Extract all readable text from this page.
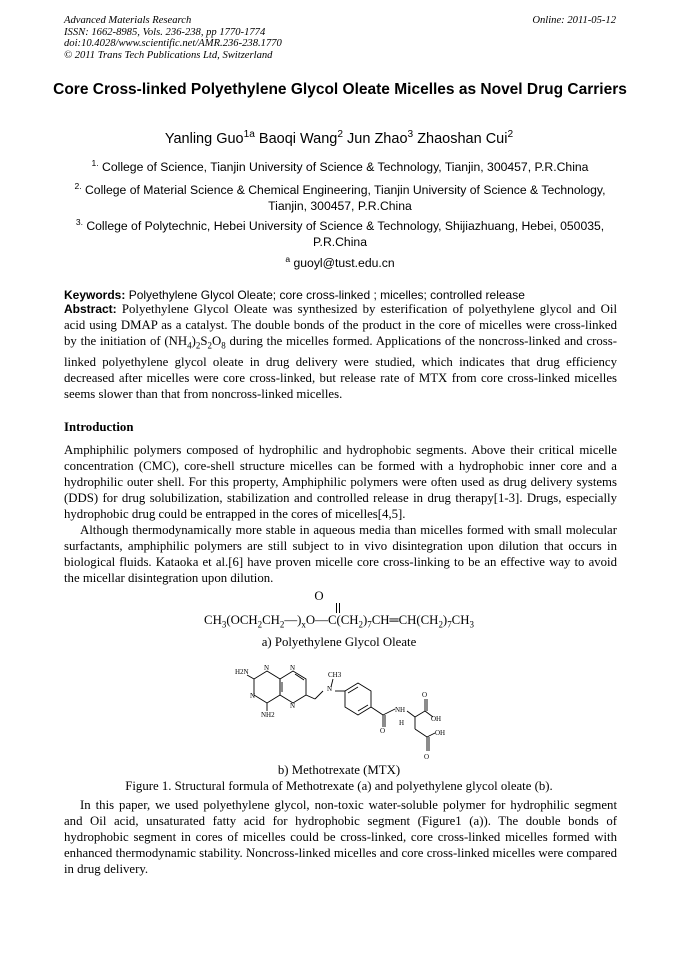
Advanced Materials Research
ISSN: 1662-8985, Vols. 236-238, pp 1770-1774
doi:10.4028/www.scientific.net/AMR.236-238.1770
© 2011 Trans Tech Publications Ltd, Switzerland
Online: 2011-05-12
Core Cross-linked Polyethylene Glycol Oleate Micelles as Novel Drug Carriers
Yanling Guo$^{1a}$ Baoqi Wang$^2$ Jun Zhao$^3$ Zhaoshan Cui$^2$
$^{1.}$ College of Science, Tianjin University of Science & Technology, Tianjin, 300457, P.R.China
$^{2.}$ College of Material Science & Chemical Engineering, Tianjin University of Science & Technology, Tianjin, 300457, P.R.China
$^{3.}$ College of Polytechnic, Hebei University of Science & Technology, Shijiazhuang, Hebei, 050035, P.R.China
$^a$ guoyl@tust.edu.cn
Keywords: Polyethylene Glycol Oleate; core cross-linked ; micelles; controlled release
Abstract: Polyethylene Glycol Oleate was synthesized by esterification of polyethylene glycol and Oil acid using DMAP as a catalyst. The double bonds of the product in the core of micelles were cross-linked by the initiation of $(NH_4)_2S_2O_8$ during the micelles formed. Applications of the noncross-linked and cross-linked polyethylene glycol oleate in drug delivery were studied, which indicates that drug efficiency decreased after micelles were core cross-linked, but release rate of MTX from core cross-linked micelles seems slower than that from noncross-linked micelles.
Introduction
Amphiphilic polymers composed of hydrophilic and hydrophobic segments. Above their critical micelle concentration (CMC), core-shell structure micelles can be formed with a hydrophobic inner core and a hydrophilic outer shell. For this property, Amphiphilic polymers were often used as drug delivery systems (DDS) for drug solubilization, stabilization and controlled release in drug therapy[1-3]. Drugs, especially hydrophobic drug could be entrapped in the cores of micelles[4,5].
Although thermodynamically more stable in aqueous media than micelles formed with small molecular surfactants, amphiphilic polymers are still subject to in vivo disintegration upon dilution that occurs in biological fluids. Kataoka et al.[6] have proven micelle core cross-linking to be an effective way to avoid the micellar disintegration upon dilution.
O
$CH_3(OCH_2CH_2—)_xO—C(CH_2)_7CH═CH(CH_2)_7CH_3$
a) Polyethylene Glycol Oleate
H2N N
N
N
N
NH2
N
CH3
NH
H
O
O
OH
OH
O
b) Methotrexate (MTX)
Figure 1. Structural formula of Methotrexate (a) and polyethylene glycol oleate (b).
In this paper, we used polyethylene glycol, non-toxic water-soluble polymer for hydrophilic segment and Oil acid, unsaturated fatty acid for hydrophobic segment (Figure1 (a)). The double bonds of hydrophobic segment in cores of micelles could be cross-linked, core cross-linked micelles formed with enhanced thermodynamic stability. Noncross-linked micelles and core cross-linked micelles were compared in drug delivery.
